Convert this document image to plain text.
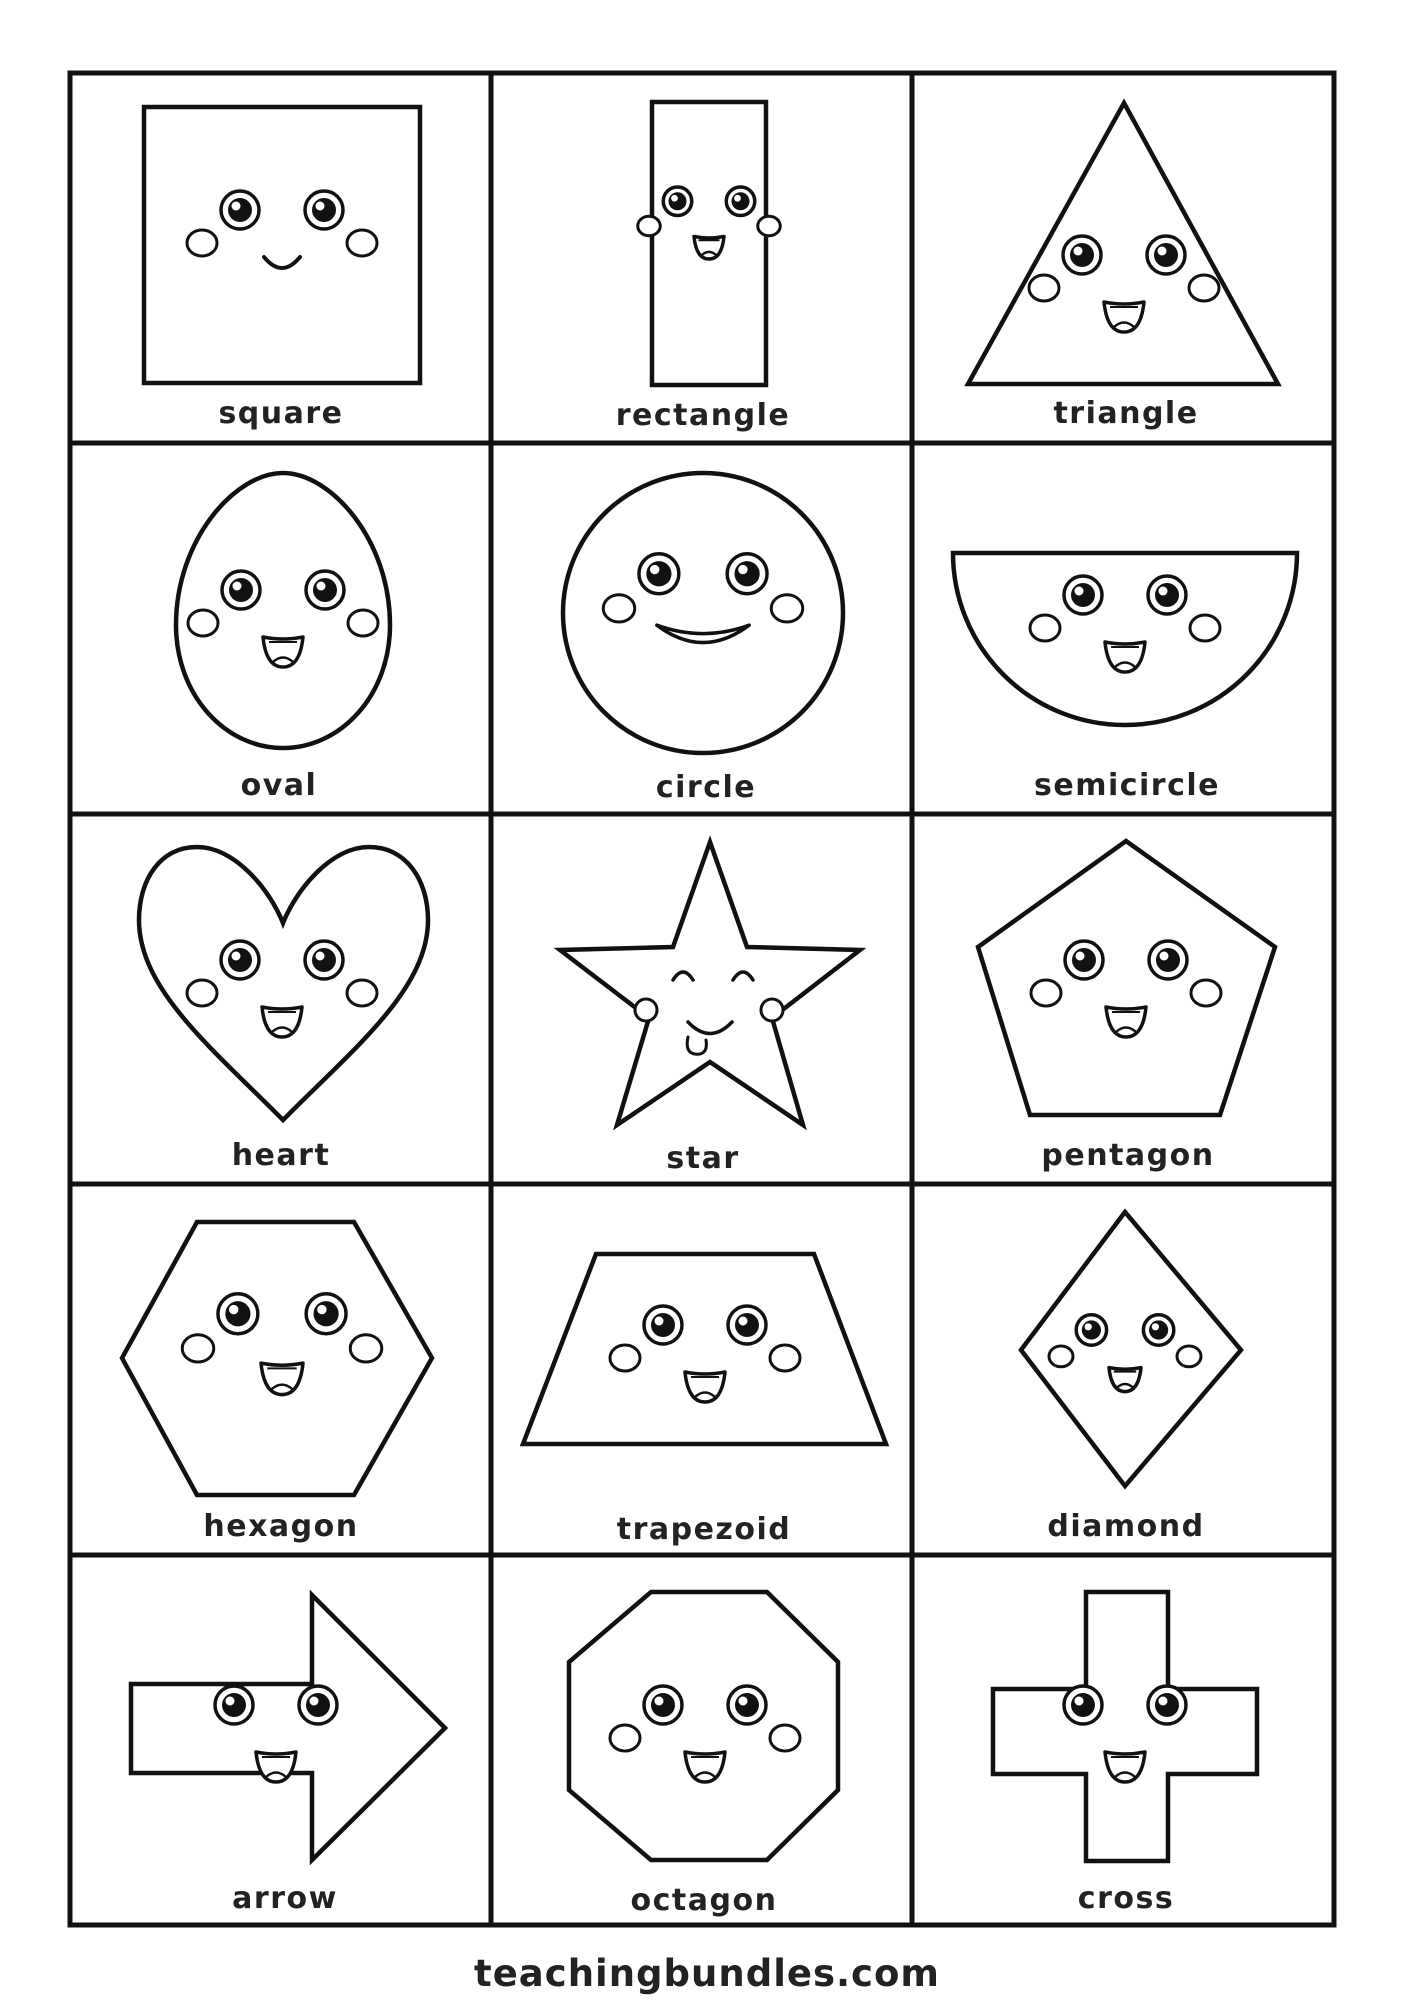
square	rectangle	triangle
oval	circle	semicircle
heart	star	pentagon
hexagon	trapezoid	diamond
arrow	octagon	cross
teachingbundles.com
